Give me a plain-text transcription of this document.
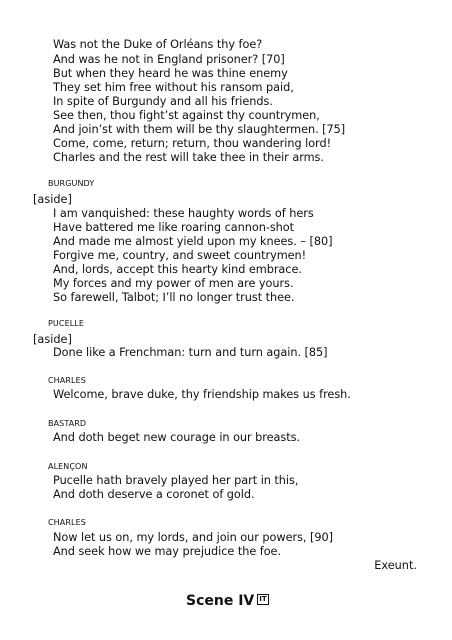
Was not the Duke of Orléans thy foe?
And was he not in England prisoner? [70]
But when they heard he was thine enemy
They set him free without his ransom paid,
In spite of Burgundy and all his friends.
See then, thou fight’st against thy countrymen,
And join’st with them will be thy slaughtermen. [75]
Come, come, return; return, thou wandering lord!
Charles and the rest will take thee in their arms.
BURGUNDY
[aside]
I am vanquished: these haughty words of hers
Have battered me like roaring cannon-shot
And made me almost yield upon my knees. – [80]
Forgive me, country, and sweet countrymen!
And, lords, accept this hearty kind embrace.
My forces and my power of men are yours.
So farewell, Talbot; I’ll no longer trust thee.
PUCELLE
[aside]
Done like a Frenchman: turn and turn again. [85]
CHARLES
Welcome, brave duke, thy friendship makes us fresh.
BASTARD
And doth beget new courage in our breasts.
ALENÇON
Pucelle hath bravely played her part in this,
And doth deserve a coronet of gold.
CHARLES
Now let us on, my lords, and join our powers, [90]
And seek how we may prejudice the foe.
Exeunt.
Scene IV IT
